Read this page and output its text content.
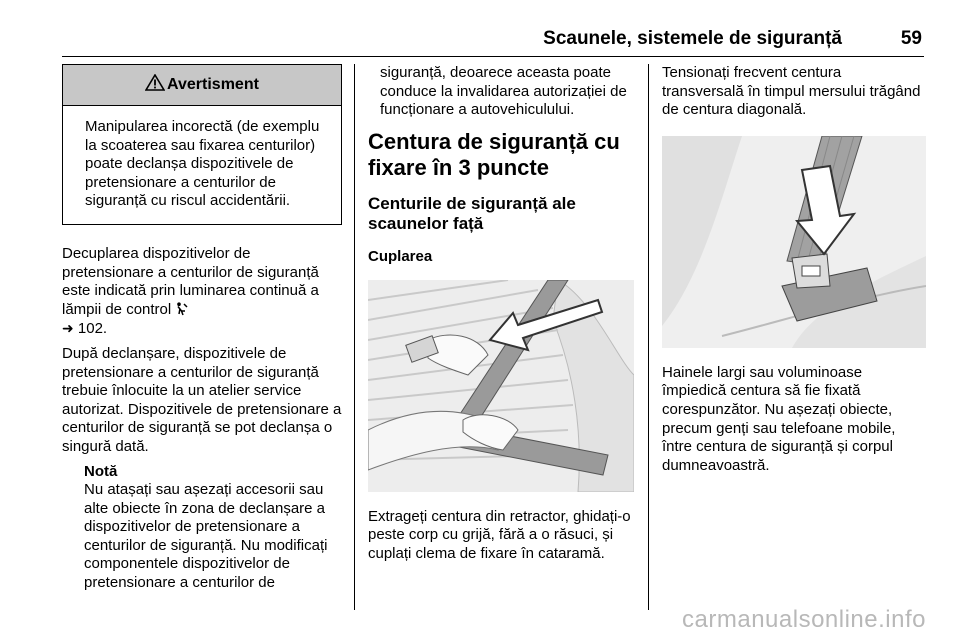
Scaunele, sistemele de siguranță	59
Avertisment
Manipularea incorectă (de exemplu la scoaterea sau fixarea centurilor) poate declanșa dispozitivele de pretensionare a centurilor de siguranță cu riscul accidentării.

Decuplarea dispozitivelor de pretensionare a centurilor de siguranță este indicată prin luminarea continuă a lămpii de control
➜ 102.

După declanșare, dispozitivele de pretensionare a centurilor de siguranță trebuie înlocuite la un atelier service autorizat. Dispozitivele de pretensionare a centurilor de siguranță se pot declanșa o singură dată.

Notă
Nu atașați sau așezați accesorii sau alte obiecte în zona de declanșare a dispozitivelor de pretensionare a centurilor de siguranță. Nu modificați componentele dispozitivelor de pretensionare a centurilor de

siguranță, deoarece aceasta poate conduce la invalidarea autorizației de funcționare a autovehiculului.

Centura de siguranță cu fixare în 3 puncte
Centurile de siguranță ale scaunelor față
Cuplarea

Extrageți centura din retractor, ghidați-o peste corp cu grijă, fără a o răsuci, și cuplați clema de fixare în cataramă.

Tensionați frecvent centura transversală în timpul mersului trăgând de centura diagonală.

Hainele largi sau voluminoase împiedică centura să fie fixată corespunzător. Nu așezați obiecte, precum genți sau telefoane mobile, între centura de siguranță și corpul dumneavoastră.

carmanualsonline.info
